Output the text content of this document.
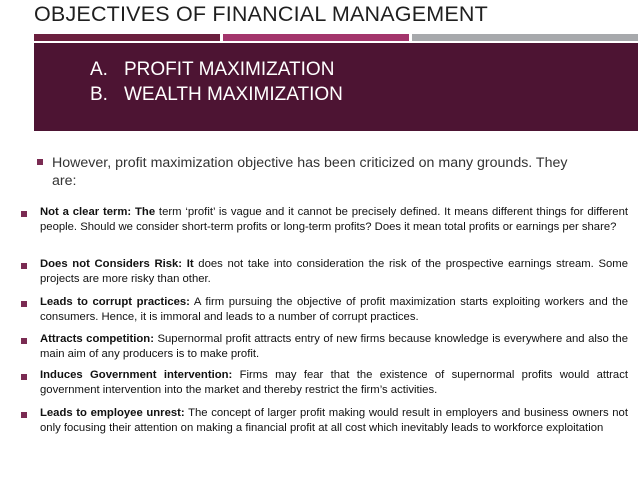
OBJECTIVES OF FINANCIAL MANAGEMENT
A. PROFIT MAXIMIZATION
B. WEALTH MAXIMIZATION
However, profit maximization objective has been criticized on many grounds. They are:
Not a clear term: The term ‘profit’ is vague and it cannot be precisely defined. It means different things for different people. Should we consider short-term profits or long-term profits? Does it mean total profits or earnings per share?
Does not Considers Risk: It does not take into consideration the risk of the prospective earnings stream. Some projects are more risky than other.
Leads to corrupt practices: A firm pursuing the objective of profit maximization starts exploiting workers and the consumers. Hence, it is immoral and leads to a number of corrupt practices.
Attracts competition: Supernormal profit attracts entry of new firms because knowledge is everywhere and also the main aim of any producers is to make profit.
Induces Government intervention: Firms may fear that the existence of supernormal profits would attract government intervention into the market and thereby restrict the firm’s activities.
Leads to employee unrest: The concept of larger profit making would result in employers and business owners not only focusing their attention on making a financial profit at all cost which inevitably leads to workforce exploitation
